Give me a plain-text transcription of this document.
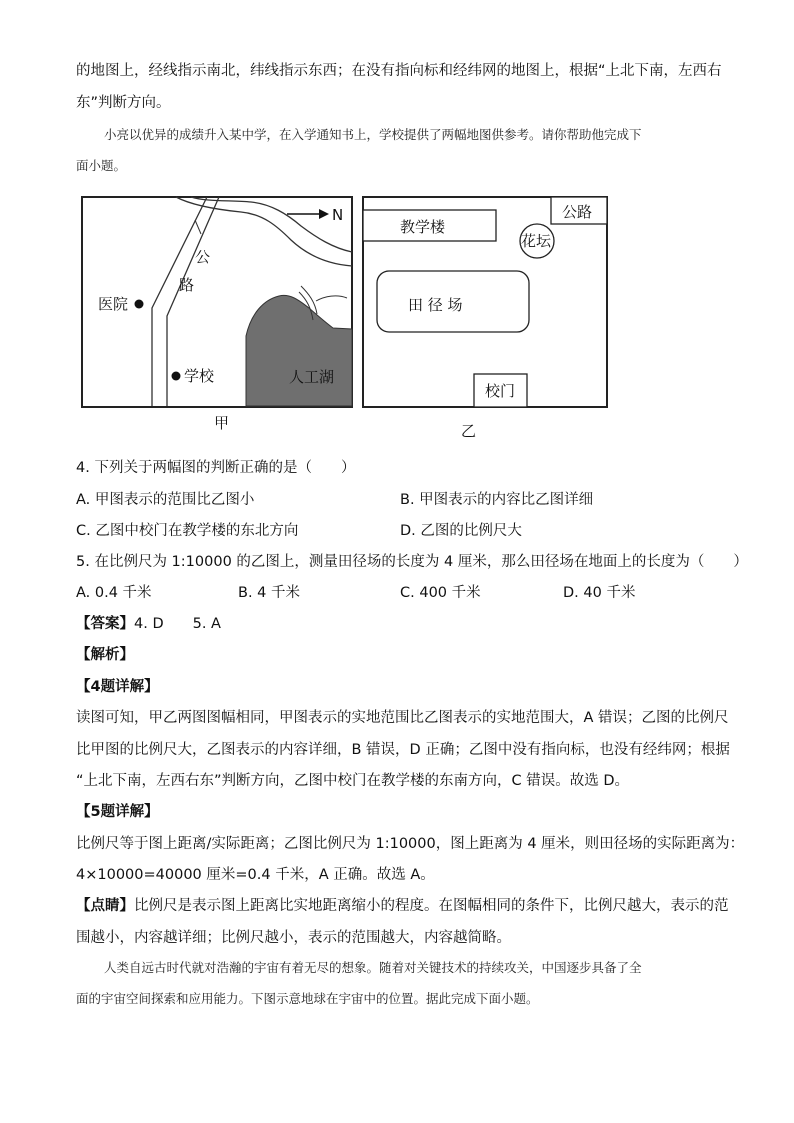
的地图上，经线指示南北，纬线指示东西；在没有指向标和经纬网的地图上，根据“上北下南，左西右
东”判断方向。
小亮以优异的成绩升入某中学，在入学通知书上，学校提供了两幅地图供参考。请你帮助他完成下
面小题。
N
公
路
医院
学校	人工湖
甲
教学楼
公路
花坛
田 径 场
校门
乙
4. 下列关于两幅图的判断正确的是（　　）
A. 甲图表示的范围比乙图小	B. 甲图表示的内容比乙图详细
C. 乙图中校门在教学楼的东北方向	D. 乙图的比例尺大
5. 在比例尺为 1:10000 的乙图上，测量田径场的长度为 4 厘米，那么田径场在地面上的长度为（　　）
A. 0.4 千米	B. 4 千米	C. 400 千米	D. 40 千米
【答案】4. D　　5. A
【解析】
【4题详解】
读图可知，甲乙两图图幅相同，甲图表示的实地范围比乙图表示的实地范围大，A 错误；乙图的比例尺
比甲图的比例尺大，乙图表示的内容详细，B 错误，D 正确；乙图中没有指向标，也没有经纬网；根据
“上北下南，左西右东”判断方向，乙图中校门在教学楼的东南方向，C 错误。故选 D。
【5题详解】
比例尺等于图上距离/实际距离；乙图比例尺为 1:10000，图上距离为 4 厘米，则田径场的实际距离为：
4×10000=40000 厘米=0.4 千米，A 正确。故选 A。
【点睛】比例尺是表示图上距离比实地距离缩小的程度。在图幅相同的条件下，比例尺越大，表示的范
围越小，内容越详细；比例尺越小，表示的范围越大，内容越简略。
人类自远古时代就对浩瀚的宇宙有着无尽的想象。随着对关键技术的持续攻关，中国逐步具备了全
面的宇宙空间探索和应用能力。下图示意地球在宇宙中的位置。据此完成下面小题。
